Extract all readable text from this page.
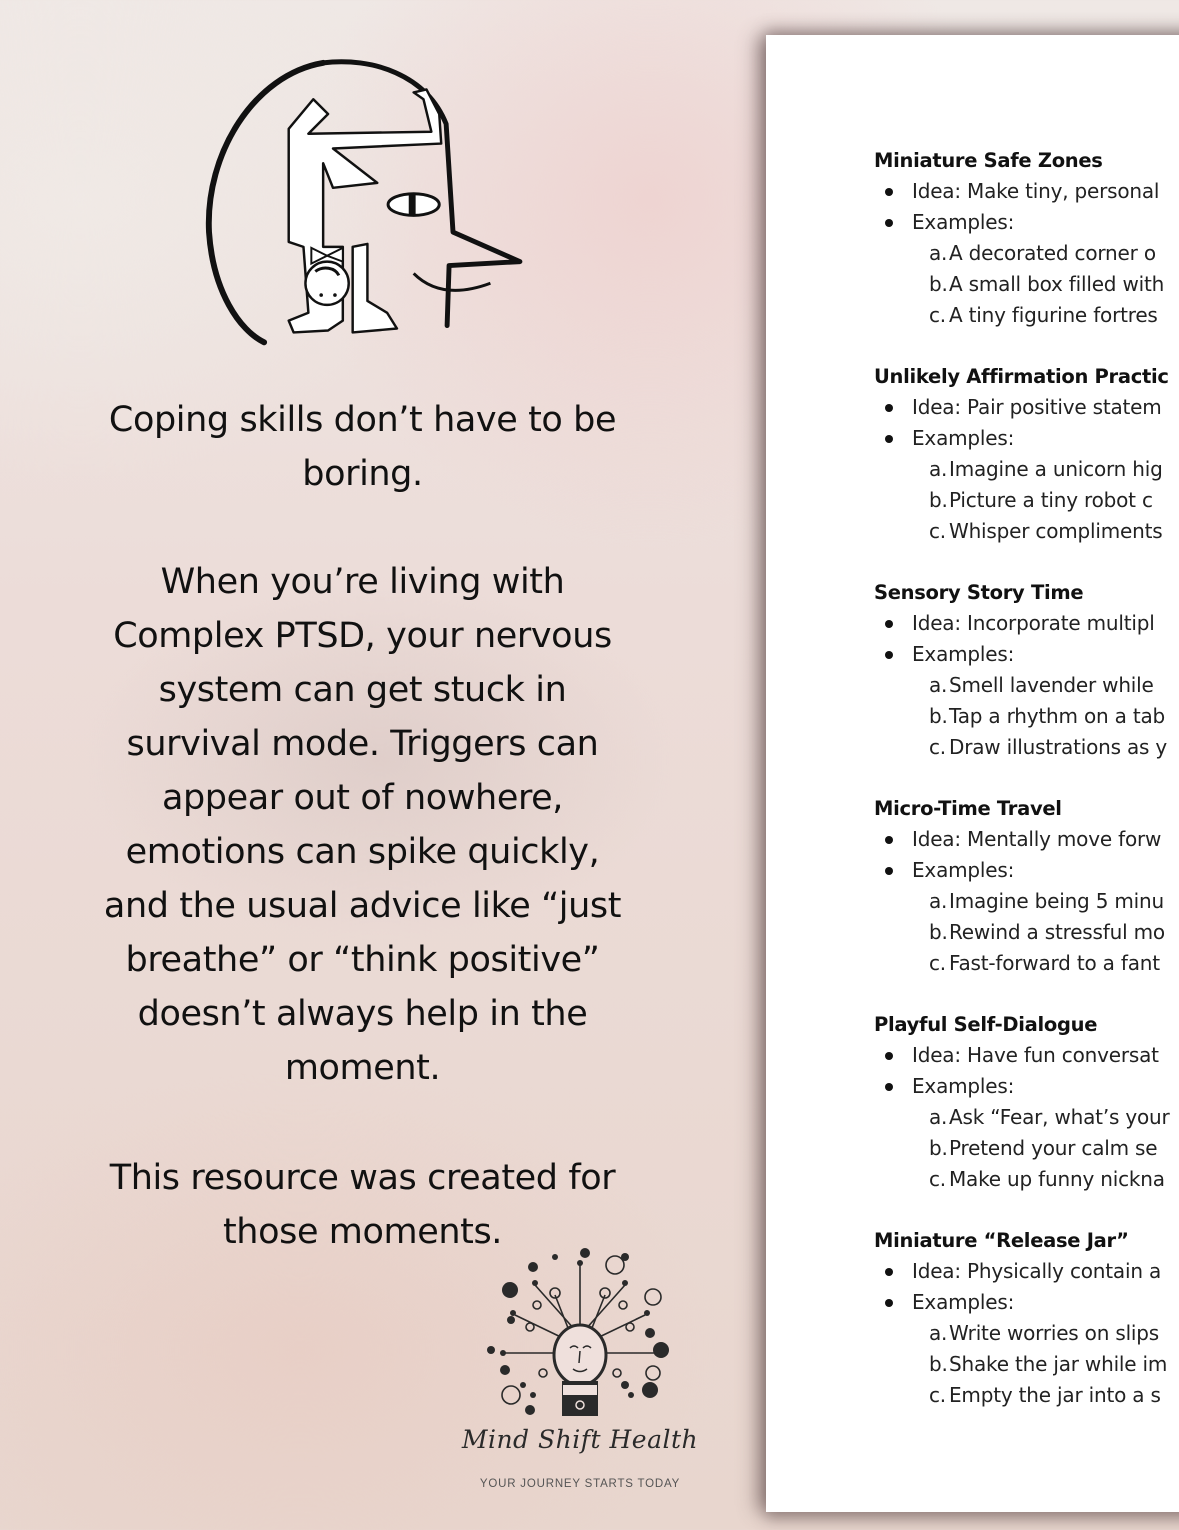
Coping skills don’t have to be

boring.

When you’re living with

Complex PTSD, your nervous

system can get stuck in

survival mode. Triggers can

appear out of nowhere,

emotions can spike quickly,

and the usual advice like “just

breathe” or “think positive”

doesn’t always help in the

moment.

This resource was created for

those moments.

Mind Shift Health
YOUR JOURNEY STARTS TODAY
Miniature Safe Zones
Idea: Make tiny, personal
Examples:
a.A decorated corner o
b.A small box filled with
c. A tiny figurine fortres
Unlikely Affirmation Practic
Idea: Pair positive statem
Examples:
a.Imagine a unicorn hig
b.Picture a tiny robot c
c. Whisper compliments
Sensory Story Time
Idea: Incorporate multipl
Examples:
a.Smell lavender while
b.Tap a rhythm on a tab
c. Draw illustrations as y
Micro-Time Travel
Idea: Mentally move forw
Examples:
a.Imagine being 5 minu
b.Rewind a stressful mo
c. Fast-forward to a fant
Playful Self-Dialogue
Idea: Have fun conversat
Examples:
a.Ask “Fear, what’s your
b.Pretend your calm se
c. Make up funny nickna
Miniature “Release Jar”
Idea: Physically contain a
Examples:
a.Write worries on slips
b.Shake the jar while im
c. Empty the jar into a s
